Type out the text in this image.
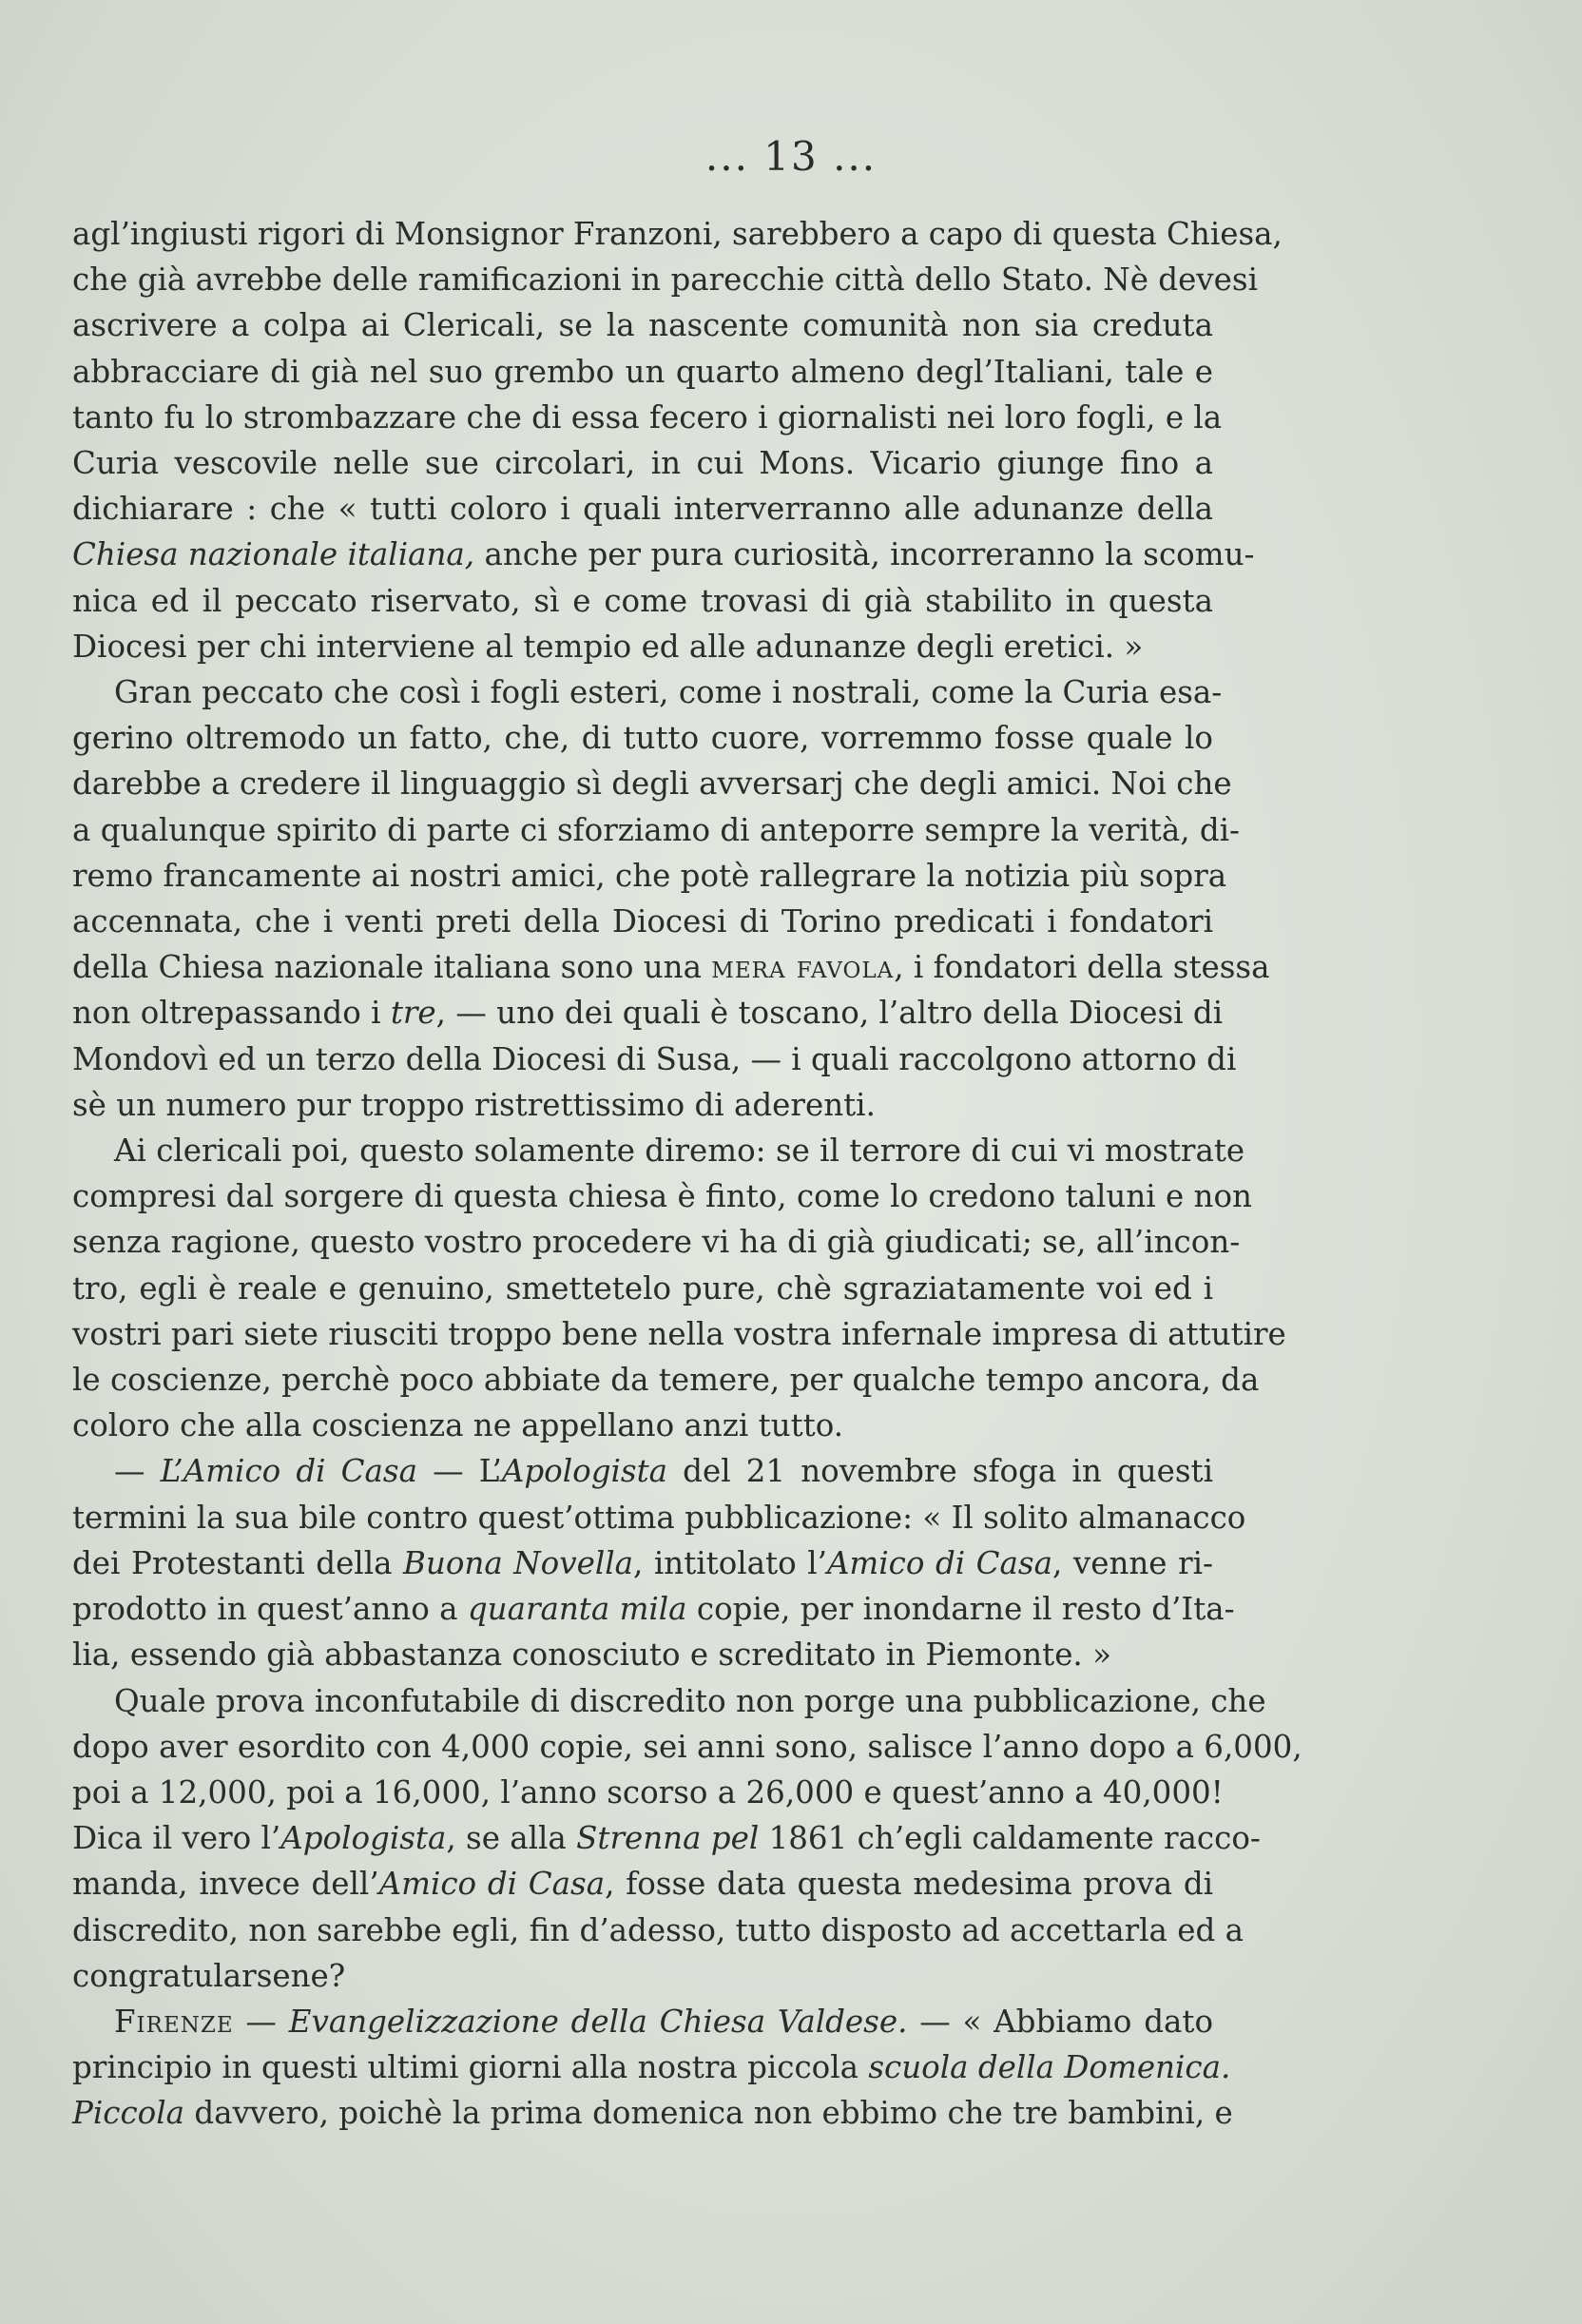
... 13 ...
agl’ingiusti rigori di Monsignor Franzoni, sarebbero a capo di questa Chiesa,
che già avrebbe delle ramificazioni in parecchie città dello Stato. Nè devesi
ascrivere a colpa ai Clericali, se la nascente comunità non sia creduta
abbracciare di già nel suo grembo un quarto almeno degl’Italiani, tale e
tanto fu lo strombazzare che di essa fecero i giornalisti nei loro fogli, e la
Curia vescovile nelle sue circolari, in cui Mons. Vicario giunge fino a
dichiarare : che « tutti coloro i quali interverranno alle adunanze della
Chiesa nazionale italiana, anche per pura curiosità, incorreranno la scomu-
nica ed il peccato riservato, sì e come trovasi di già stabilito in questa
Diocesi per chi interviene al tempio ed alle adunanze degli eretici. »
Gran peccato che così i fogli esteri, come i nostrali, come la Curia esa-
gerino oltremodo un fatto, che, di tutto cuore, vorremmo fosse quale lo
darebbe a credere il linguaggio sì degli avversarj che degli amici. Noi che
a qualunque spirito di parte ci sforziamo di anteporre sempre la verità, di-
remo francamente ai nostri amici, che potè rallegrare la notizia più sopra
accennata, che i venti preti della Diocesi di Torino predicati i fondatori
della Chiesa nazionale italiana sono una mera favola, i fondatori della stessa
non oltrepassando i tre, — uno dei quali è toscano, l’altro della Diocesi di
Mondovì ed un terzo della Diocesi di Susa, — i quali raccolgono attorno di
sè un numero pur troppo ristrettissimo di aderenti.
Ai clericali poi, questo solamente diremo: se il terrore di cui vi mostrate
compresi dal sorgere di questa chiesa è finto, come lo credono taluni e non
senza ragione, questo vostro procedere vi ha di già giudicati; se, all’incon-
tro, egli è reale e genuino, smettetelo pure, chè sgraziatamente voi ed i
vostri pari siete riusciti troppo bene nella vostra infernale impresa di attutire
le coscienze, perchè poco abbiate da temere, per qualche tempo ancora, da
coloro che alla coscienza ne appellano anzi tutto.
— L’Amico di Casa — L’Apologista del 21 novembre sfoga in questi
termini la sua bile contro quest’ottima pubblicazione: « Il solito almanacco
dei Protestanti della Buona Novella, intitolato l’Amico di Casa, venne ri-
prodotto in quest’anno a quaranta mila copie, per inondarne il resto d’Ita-
lia, essendo già abbastanza conosciuto e screditato in Piemonte. »
Quale prova inconfutabile di discredito non porge una pubblicazione, che
dopo aver esordito con 4,000 copie, sei anni sono, salisce l’anno dopo a 6,000,
poi a 12,000, poi a 16,000, l’anno scorso a 26,000 e quest’anno a 40,000!
Dica il vero l’Apologista, se alla Strenna pel 1861 ch’egli caldamente racco-
manda, invece dell’Amico di Casa, fosse data questa medesima prova di
discredito, non sarebbe egli, fin d’adesso, tutto disposto ad accettarla ed a
congratularsene?
Firenze — Evangelizzazione della Chiesa Valdese. — « Abbiamo dato
principio in questi ultimi giorni alla nostra piccola scuola della Domenica.
Piccola davvero, poichè la prima domenica non ebbimo che tre bambini, e
